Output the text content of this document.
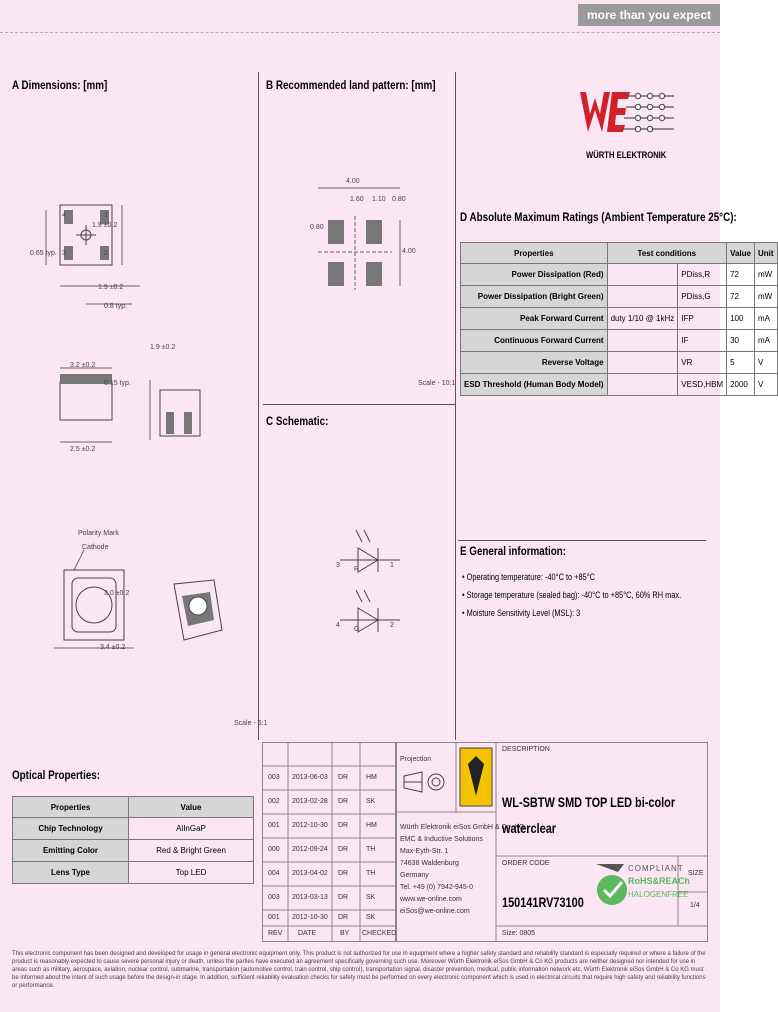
more than you expect
A Dimensions: [mm]	B Recommended land pattern: [mm]
C Schematic:
D Absolute Maximum Ratings (Ambient Temperature 25°C):
E General information:
Optical Properties:
WÜRTH ELEKTRONIK
1.9 ±0.2
0.8 typ.
1.9 ±0.2
0.65 typ.
4
3
1
2
3.2 ±0.2
0.15 typ.
2.5 ±0.2
1.9 ±0.2
Polarity Mark
Cathode
3.0 ±0.2
3.4 ±0.2
Scale - 6:1
4.00
1.60 1.10
0.80
0.80
4.00
Scale - 10:1
R
G
3	1
4	2
Properties	Test conditions		Value	Unit
Power Dissipation (Red)		PDiss,R	72	mW
Power Dissipation (Bright Green)		PDiss,G	72	mW
Peak Forward Current	duty 1/10 @ 1kHz	IFP	100	mA
Continuous Forward Current		IF	30	mA
Reverse Voltage		VR	5	V
ESD Threshold (Human Body Model)		VESD,HBM	2000	V
• Operating temperature: -40°C to +85°C
• Storage temperature (sealed bag): -40°C to +85°C, 60% RH max.
• Moisture Sensitivity Level (MSL): 3
Properties	Value
Chip Technology	AlInGaP
Emitting Color	Red & Bright Green
Lens Type	Top LED
003 2013-06-03 DR	HM
002 2013-02-28 DR	SK
001 2012-10-30 DR	HM
000 2012-09-24 DR	TH
004 2013-04-02 DR	TH
003 2013-03-13 DR	SK
001 2012-10-30 DR	SK
REV DATE	BY CHECKED
Projection
Würth Elektronik eiSos GmbH & Co. KG
EMC & Inductive Solutions
Max-Eyth-Str. 1
74638 Waldenburg
Germany
Tel. +49 (0) 7942-945-0
www.we-online.com
eiSos@we-online.com
DESCRIPTION
WL-SBTW SMD TOP LED bi-color
waterclear
ORDER CODE
150141RV73100
SIZE
1/4
Size: 0805
COMPLIANT
RoHS&REACh
HALOGENFREE
This electronic component has been designed and developed for usage in general electronic equipment only. This product is not authorized for use in equipment where a higher safety standard and reliability standard is especially required or where a failure of the product is reasonably expected to cause severe personal injury or death, unless the parties have executed an agreement specifically governing such use. Moreover Würth Elektronik eiSos GmbH & Co KG products are neither designed nor intended for use in areas such as military, aerospace, aviation, nuclear control, submarine, transportation (automotive control, train control, ship control), transportation signal, disaster prevention, medical, public information network etc. Würth Elektronik eiSos GmbH & Co KG must be informed about the intent of such usage before the design-in stage. In addition, sufficient reliability evaluation checks for safety must be performed on every electronic component which is used in electrical circuits that require high safety and reliability functions or performance.
